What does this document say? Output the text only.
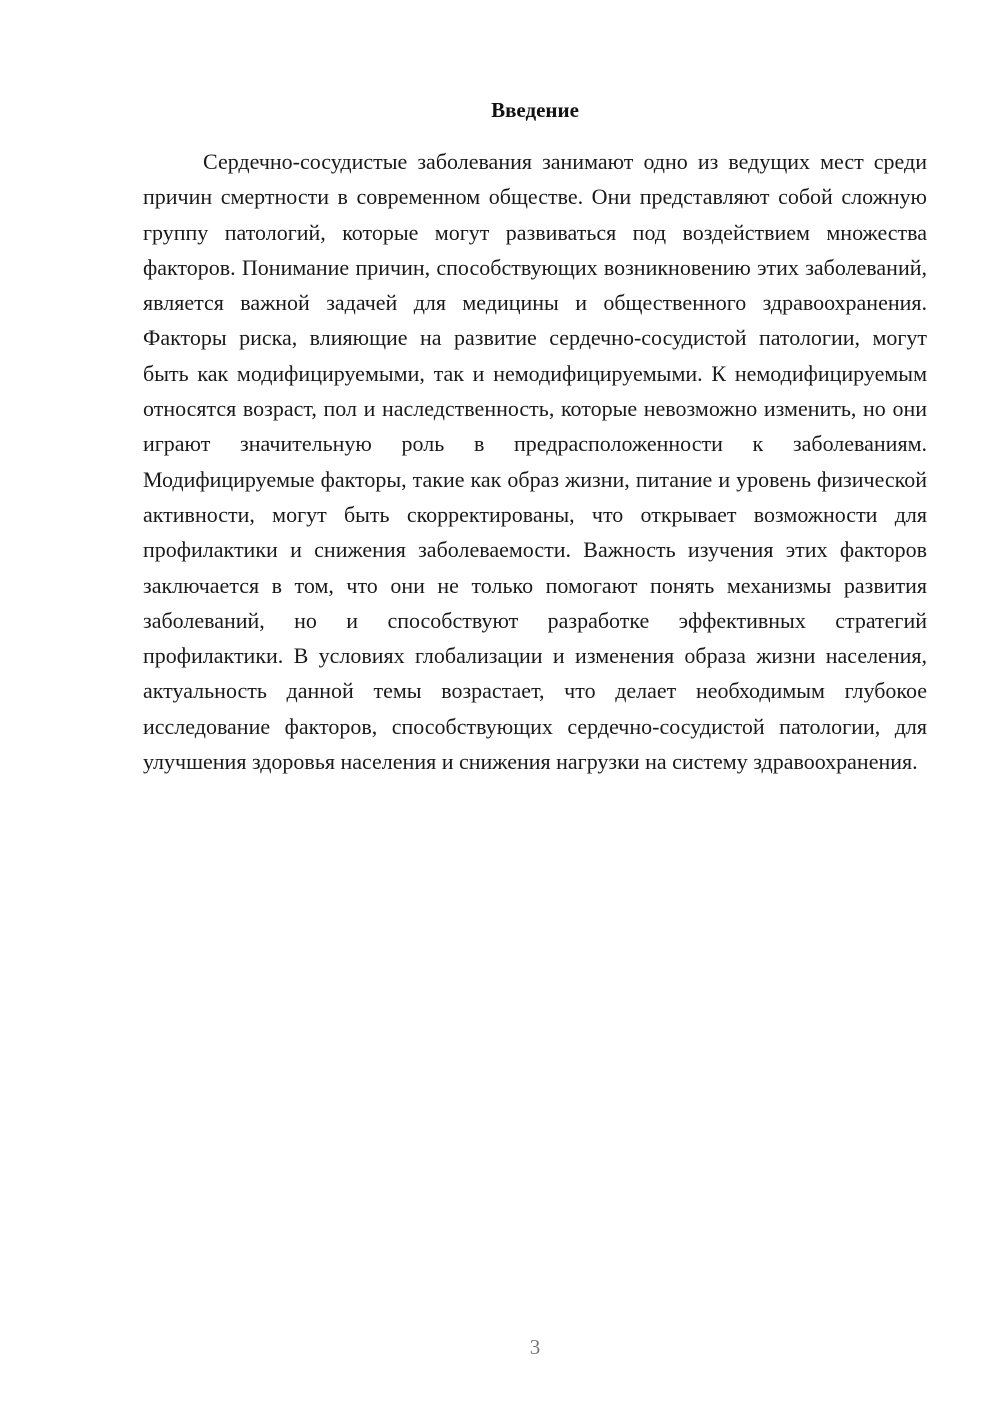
Введение

Сердечно-сосудистые заболевания занимают одно из ведущих мест среди причин смертности в современном обществе. Они представляют собой сложную группу патологий, которые могут развиваться под воздействием множества факторов. Понимание причин, способствующих возникновению этих заболеваний, является важной задачей для медицины и общественного здравоохранения. Факторы риска, влияющие на развитие сердечно-сосудистой патологии, могут быть как модифицируемыми, так и немодифицируемыми. К немодифицируемым относятся возраст, пол и наследственность, которые невозможно изменить, но они играют значительную роль в предрасположенности к заболеваниям. Модифицируемые факторы, такие как образ жизни, питание и уровень физической активности, могут быть скорректированы, что открывает возможности для профилактики и снижения заболеваемости. Важность изучения этих факторов заключается в том, что они не только помогают понять механизмы развития заболеваний, но и способствуют разработке эффективных стратегий профилактики. В условиях глобализации и изменения образа жизни населения, актуальность данной темы возрастает, что делает необходимым глубокое исследование факторов, способствующих сердечно-сосудистой патологии, для улучшения здоровья населения и снижения нагрузки на систему здравоохранения.

3
